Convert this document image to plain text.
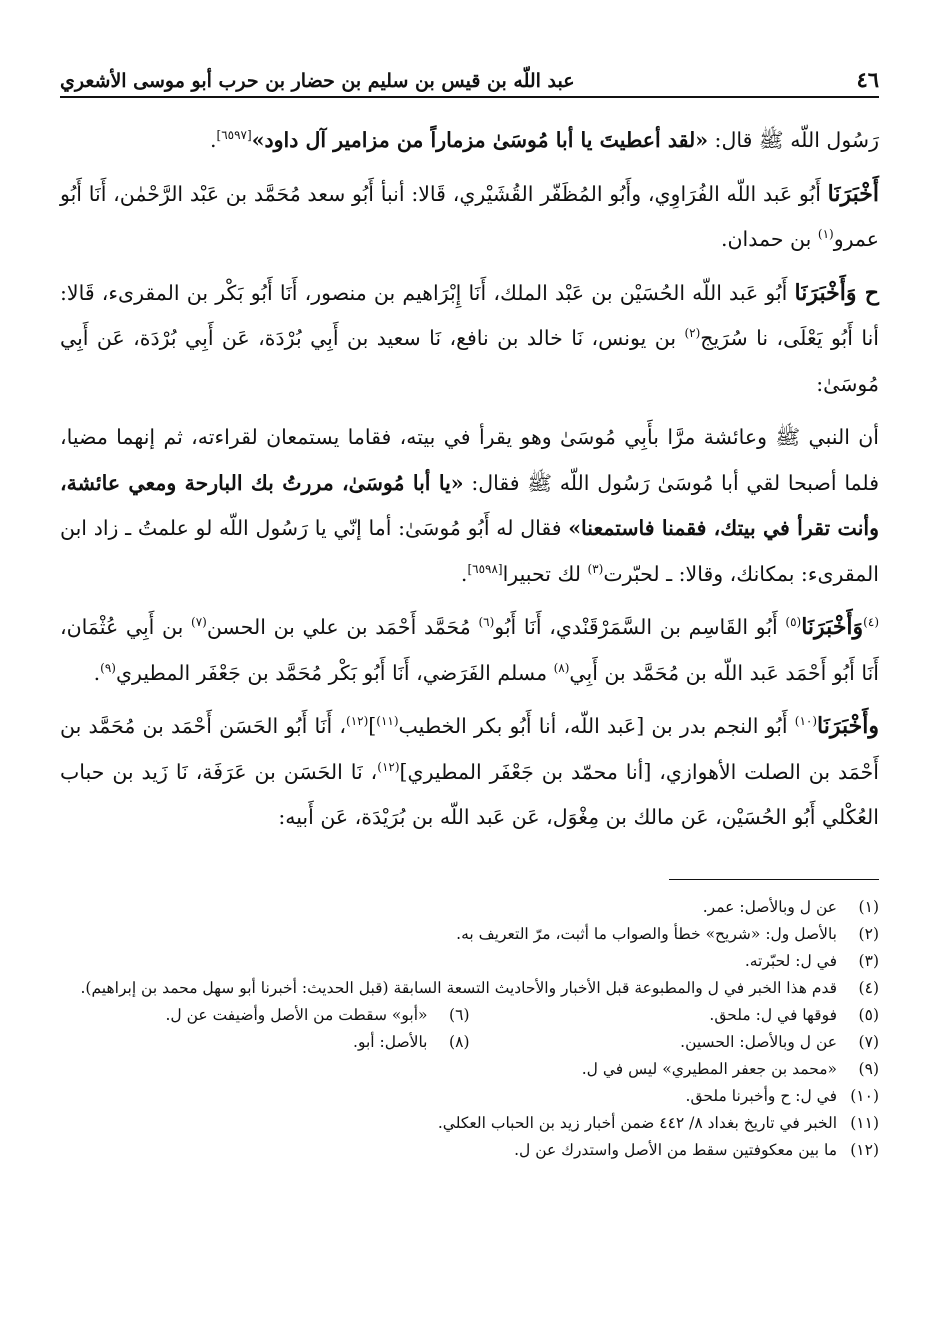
٤٦
عبد اللّه بن قيس بن سليم بن حضار بن حرب أبو موسى الأشعري

رَسُول اللّه ﷺ قال: «لقد أعطيتَ يا أبا مُوسَىٰ مزماراً من مزامير آل داود»[٦٥٩٧].

أَخْبَرَنَا أَبُو عَبد اللّه الفُرَاوِي، وأَبُو المُظَفّر القُشَيْري، قَالا: أنبأ أَبُو سعد مُحَمَّد بن عَبْد الرَّحْمٰن، أَنَا أَبُو عمرو$^{(١)}$ بن حمدان.

ح وَأَخْبَرَنَا أَبُو عَبد اللّه الحُسَيْن بن عَبْد الملك، أَنَا إِبْرَاهيم بن منصور، أَنَا أَبُو بَكْر بن المقرىء، قَالا: أنا أَبُو يَعْلَى، نا سُرَيج$^{(٢)}$ بن يونس، نَا خالد بن نافع، نَا سعيد بن أَبِي بُرْدَة، عَن أَبِي بُرْدَة، عَن أَبِي مُوسَىٰ:

أن النبي ﷺ وعائشة مرَّا بأَبِي مُوسَىٰ وهو يقرأ في بيته، فقاما يستمعان لقراءته، ثم إنهما مضيا، فلما أصبحا لقي أبا مُوسَىٰ رَسُول اللّه ﷺ فقال: «يا أبا مُوسَىٰ، مررتُ بك البارحة ومعي عائشة، وأنت تقرأ في بيتك، فقمنا فاستمعنا» فقال له أَبُو مُوسَىٰ: أما إنّي يا رَسُول اللّه لو علمتُ ـ زاد ابن المقرىء: بمكانك، وقالا: ـ لحبّرت$^{(٣)}$ لك تحبيرا[٦٥٩٨].

$^{(٤)}$وَأَخْبَرَنَا$^{(٥)}$ أَبُو القَاسِم بن السَّمَرْقَنْدي، أَنَا أَبُو$^{(٦)}$ مُحَمَّد أَحْمَد بن علي بن الحسن$^{(٧)}$ بن أَبِي عُثْمَان، أَنَا أَبُو أَحْمَد عَبد اللّه بن مُحَمَّد بن أَبِي$^{(٨)}$ مسلم الفَرَضي، أَنَا أَبُو بَكْر مُحَمَّد بن جَعْفَر المطيري$^{(٩)}$.

وأَخْبَرَنَا$^{(١٠)}$ أَبُو النجم بدر بن [عَبد اللّه، أنا أَبُو بكر الخطيب$^{(١١)}$]$^{(١٢)}$، أَنَا أَبُو الحَسَن أَحْمَد بن مُحَمَّد بن أَحْمَد بن الصلت الأهوازي، [أنا محمّد بن جَعْفَر المطيري]$^{(١٢)}$، نَا الحَسَن بن عَرَفَة، نَا زَيد بن حباب العُكْلي أَبُو الحُسَيْن، عَن مالك بن مِغْوَل، عَن عَبد اللّه بن بُرَيْدَة، عَن أَبيه:

(١)
عن ل وبالأصل: عمر.
(٢)
بالأصل ول: «شريح» خطأ والصواب ما أثبت، مرّ التعريف به.
(٣)
في ل: لحبّرته.
(٤)
قدم هذا الخبر في ل والمطبوعة قبل الأخبار والأحاديث التسعة السابقة (قبل الحديث: أخبرنا أبو سهل محمد بن إبراهيم).
(٥)
فوقها في ل: ملحق.
(٦)
«أبو» سقطت من الأصل وأضيفت عن ل.
(٧)
عن ل وبالأصل: الحسين.
(٨)
بالأصل: أبو.
(٩)
«محمد بن جعفر المطيري» ليس في ل.
(١٠)
في ل: ح وأخبرنا ملحق.
(١١)
الخبر في تاريخ بغداد ٨/ ٤٤٢ ضمن أخبار زيد بن الحباب العكلي.
(١٢)
ما بين معكوفتين سقط من الأصل واستدرك عن ل.
